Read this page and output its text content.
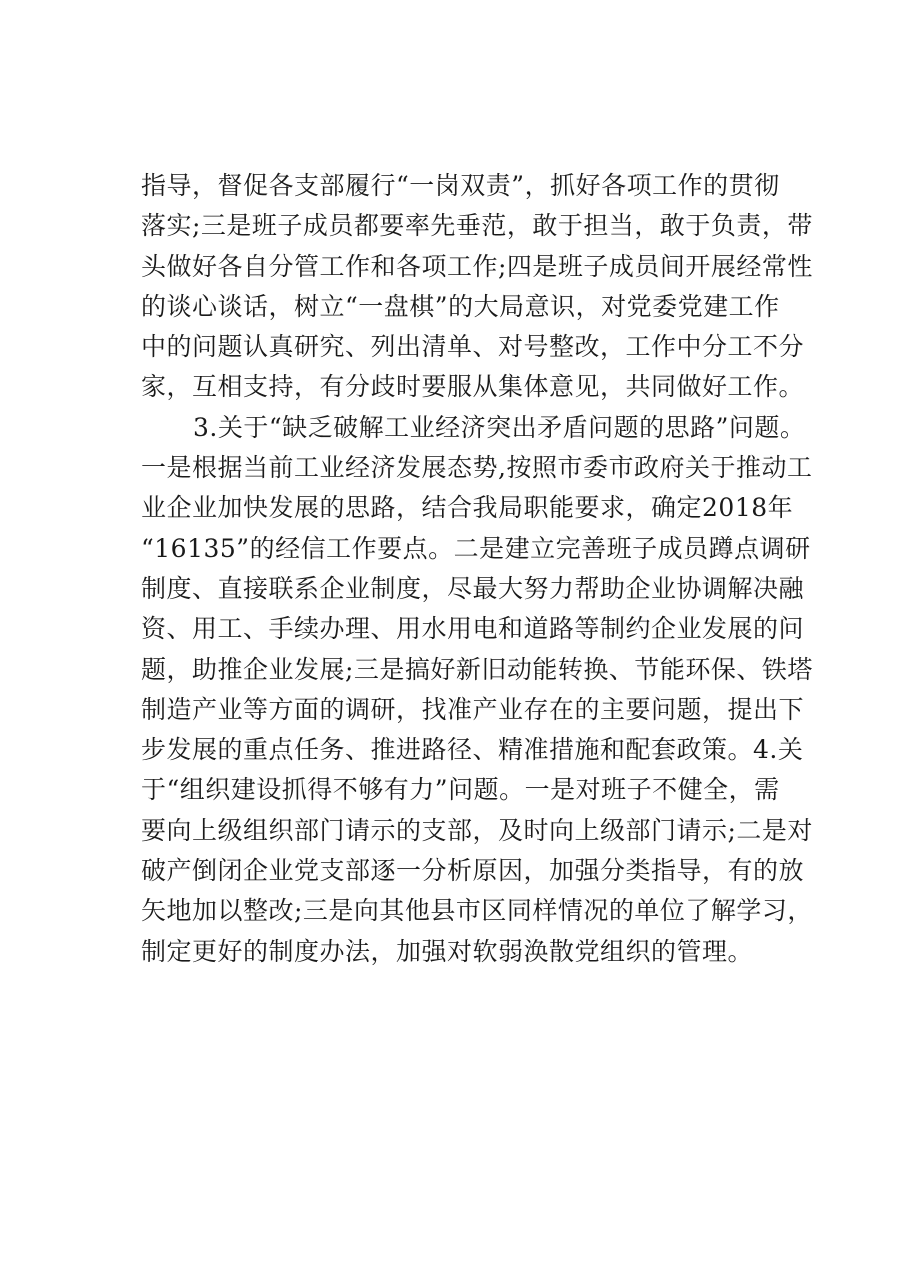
指导，督促各支部履行“一岗双责”，抓好各项工作的贯彻
落实;三是班子成员都要率先垂范，敢于担当，敢于负责，带
头做好各自分管工作和各项工作;四是班子成员间开展经常性
的谈心谈话，树立“一盘棋”的大局意识，对党委党建工作
中的问题认真研究、列出清单、对号整改，工作中分工不分
家，互相支持，有分歧时要服从集体意见，共同做好工作。
3.关于“缺乏破解工业经济突出矛盾问题的思路”问题。
一是根据当前工业经济发展态势,按照市委市政府关于推动工
业企业加快发展的思路，结合我局职能要求，确定2018年
“16135”的经信工作要点。二是建立完善班子成员蹲点调研
制度、直接联系企业制度，尽最大努力帮助企业协调解决融
资、用工、手续办理、用水用电和道路等制约企业发展的问
题，助推企业发展;三是搞好新旧动能转换、节能环保、铁塔
制造产业等方面的调研，找准产业存在的主要问题，提出下
步发展的重点任务、推进路径、精准措施和配套政策。4.关
于“组织建设抓得不够有力”问题。一是对班子不健全，需
要向上级组织部门请示的支部，及时向上级部门请示;二是对
破产倒闭企业党支部逐一分析原因，加强分类指导，有的放
矢地加以整改;三是向其他县市区同样情况的单位了解学习，
制定更好的制度办法，加强对软弱涣散党组织的管理。
